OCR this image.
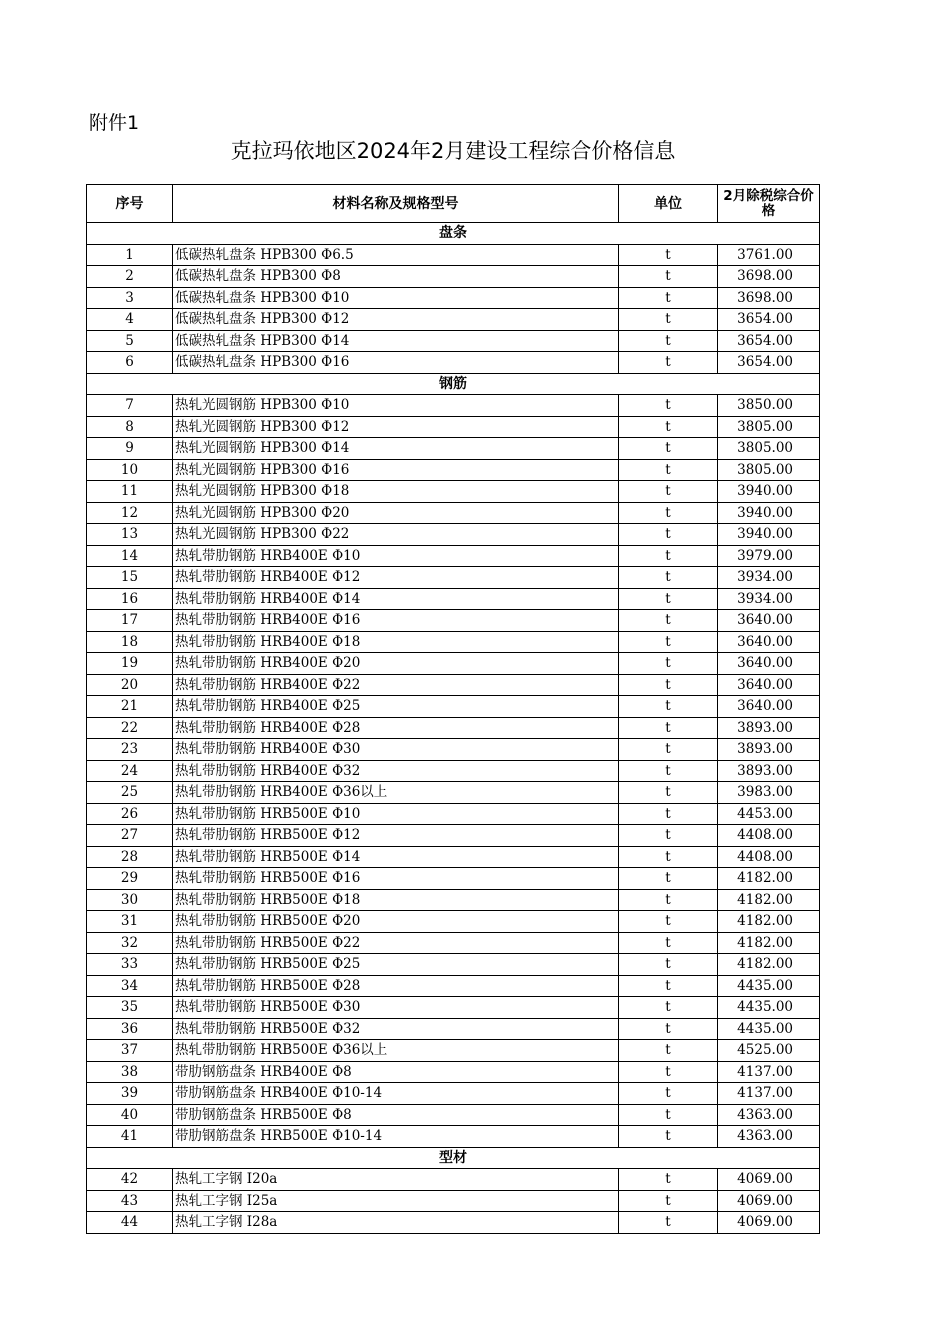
附件1
克拉玛依地区2024年2月建设工程综合价格信息
序号	材料名称及规格型号	单位	2月除税综合价格
盘条			
1	低碳热轧盘条 HPB300 Φ6.5	t	3761.00
2	低碳热轧盘条 HPB300 Φ8	t	3698.00
3	低碳热轧盘条 HPB300 Φ10	t	3698.00
4	低碳热轧盘条 HPB300 Φ12	t	3654.00
5	低碳热轧盘条 HPB300 Φ14	t	3654.00
6	低碳热轧盘条 HPB300 Φ16	t	3654.00
钢筋			
7	热轧光圆钢筋 HPB300 Φ10	t	3850.00
8	热轧光圆钢筋 HPB300 Φ12	t	3805.00
9	热轧光圆钢筋 HPB300 Φ14	t	3805.00
10	热轧光圆钢筋 HPB300 Φ16	t	3805.00
11	热轧光圆钢筋 HPB300 Φ18	t	3940.00
12	热轧光圆钢筋 HPB300 Φ20	t	3940.00
13	热轧光圆钢筋 HPB300 Φ22	t	3940.00
14	热轧带肋钢筋 HRB400E Φ10	t	3979.00
15	热轧带肋钢筋 HRB400E Φ12	t	3934.00
16	热轧带肋钢筋 HRB400E Φ14	t	3934.00
17	热轧带肋钢筋 HRB400E Φ16	t	3640.00
18	热轧带肋钢筋 HRB400E Φ18	t	3640.00
19	热轧带肋钢筋 HRB400E Φ20	t	3640.00
20	热轧带肋钢筋 HRB400E Φ22	t	3640.00
21	热轧带肋钢筋 HRB400E Φ25	t	3640.00
22	热轧带肋钢筋 HRB400E Φ28	t	3893.00
23	热轧带肋钢筋 HRB400E Φ30	t	3893.00
24	热轧带肋钢筋 HRB400E Φ32	t	3893.00
25	热轧带肋钢筋 HRB400E Φ36以上	t	3983.00
26	热轧带肋钢筋 HRB500E Φ10	t	4453.00
27	热轧带肋钢筋 HRB500E Φ12	t	4408.00
28	热轧带肋钢筋 HRB500E Φ14	t	4408.00
29	热轧带肋钢筋 HRB500E Φ16	t	4182.00
30	热轧带肋钢筋 HRB500E Φ18	t	4182.00
31	热轧带肋钢筋 HRB500E Φ20	t	4182.00
32	热轧带肋钢筋 HRB500E Φ22	t	4182.00
33	热轧带肋钢筋 HRB500E Φ25	t	4182.00
34	热轧带肋钢筋 HRB500E Φ28	t	4435.00
35	热轧带肋钢筋 HRB500E Φ30	t	4435.00
36	热轧带肋钢筋 HRB500E Φ32	t	4435.00
37	热轧带肋钢筋 HRB500E Φ36以上	t	4525.00
38	带肋钢筋盘条 HRB400E Φ8	t	4137.00
39	带肋钢筋盘条 HRB400E Φ10-14	t	4137.00
40	带肋钢筋盘条 HRB500E Φ8	t	4363.00
41	带肋钢筋盘条 HRB500E Φ10-14	t	4363.00
型材			
42	热轧工字钢 I20a	t	4069.00
43	热轧工字钢 I25a	t	4069.00
44	热轧工字钢 I28a	t	4069.00
